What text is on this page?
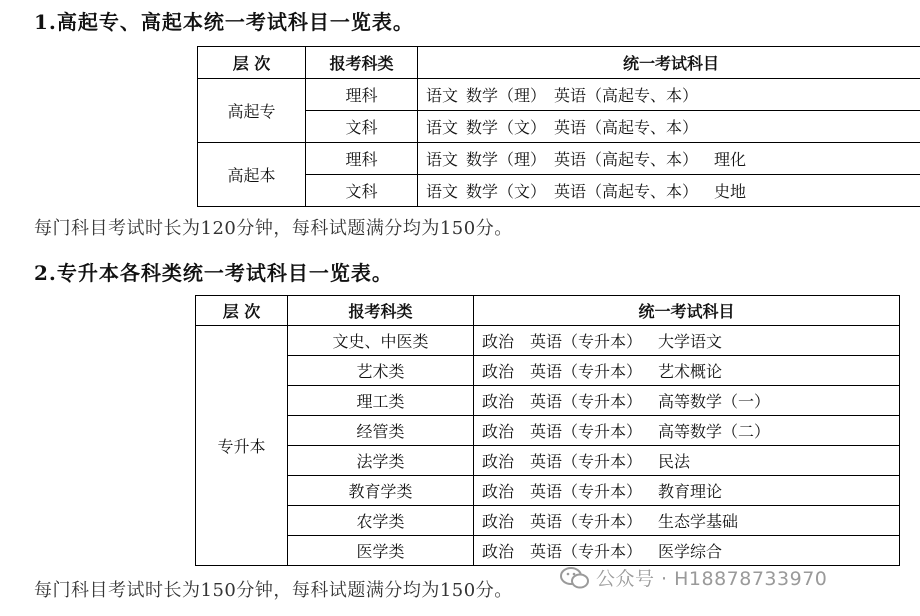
1.高起专、高起本统一考试科目一览表。
层 次	报考科类	统一考试科目
高起专	理科	语文 数学（理） 英语（高起专、本）
	文科	语文 数学（文） 英语（高起专、本）
高起本	理科	语文 数学（理） 英语（高起专、本） 理化
	文科	语文 数学（文） 英语（高起专、本） 史地
每门科目考试时长为120分钟，每科试题满分均为150分。
2.专升本各科类统一考试科目一览表。
层 次	报考科类	统一考试科目
专升本	文史、中医类	政治 英语（专升本） 大学语文
	艺术类	政治 英语（专升本） 艺术概论
	理工类	政治 英语（专升本） 高等数学（一）
	经管类	政治 英语（专升本） 高等数学（二）
	法学类	政治 英语（专升本） 民法
	教育学类	政治 英语（专升本） 教育理论
	农学类	政治 英语（专升本） 生态学基础
	医学类	政治 英语（专升本） 医学综合
每门科目考试时长为150分钟，每科试题满分均为150分。
公众号 · H18878733970
